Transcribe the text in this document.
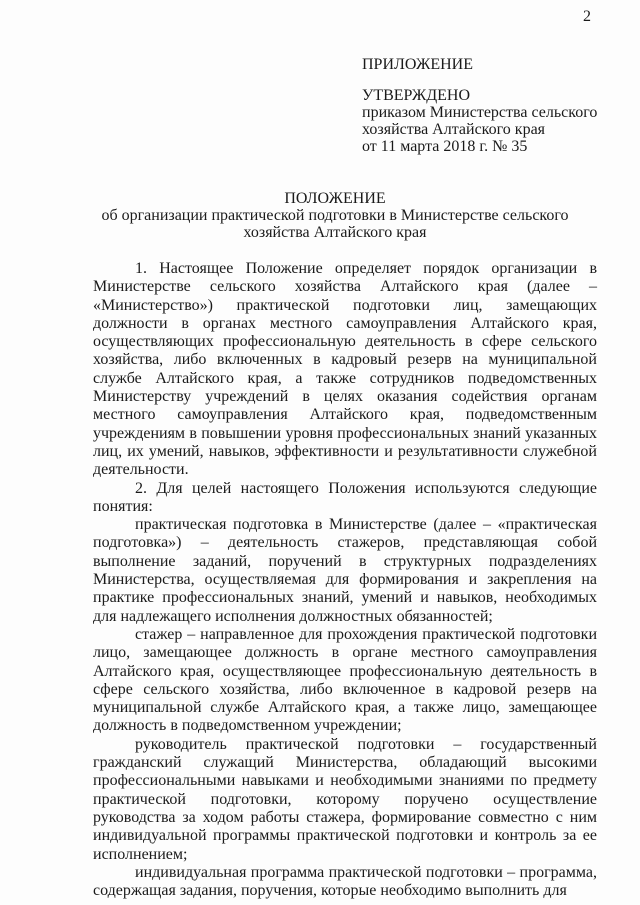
2
ПРИЛОЖЕНИЕ
УТВЕРЖДЕНО
приказом Министерства сельского
хозяйства Алтайского края
от 11 марта 2018 г. № 35
ПОЛОЖЕНИЕ
об организации практической подготовки в Министерстве сельского
хозяйства Алтайского края

1. Настоящее Положение определяет порядок организации в Министерстве сельского хозяйства Алтайского края (далее – «Министерство») практической подготовки лиц, замещающих должности в органах местного самоуправления Алтайского края, осуществляющих профессиональную деятельность в сфере сельского хозяйства, либо включенных в кадровый резерв на муниципальной службе Алтайского края, а также сотрудников подведомственных Министерству учреждений в целях оказания содействия органам местного самоуправления Алтайского края, подведомственным учреждениям в повышении уровня профессиональных знаний указанных лиц, их умений, навыков, эффективности и результативности служебной деятельности.

2. Для целей настоящего Положения используются следующие понятия:

практическая подготовка в Министерстве (далее – «практическая подготовка») – деятельность стажеров, представляющая собой выполнение заданий, поручений в структурных подразделениях Министерства, осуществляемая для формирования и закрепления на практике профессиональных знаний, умений и навыков, необходимых для надлежащего исполнения должностных обязанностей;

стажер – направленное для прохождения практической подготовки лицо, замещающее должность в органе местного самоуправления Алтайского края, осуществляющее профессиональную деятельность в сфере сельского хозяйства, либо включенное в кадровой резерв на муниципальной службе Алтайского края, а также лицо, замещающее должность в подведомственном учреждении;

руководитель практической подготовки – государственный гражданский служащий Министерства, обладающий высокими профессиональными навыками и необходимыми знаниями по предмету практической подготовки, которому поручено осуществление руководства за ходом работы стажера, формирование совместно с ним индивидуальной программы практической подготовки и контроль за ее исполнением;

индивидуальная программа практической подготовки – программа, содержащая задания, поручения, которые необходимо выполнить для
